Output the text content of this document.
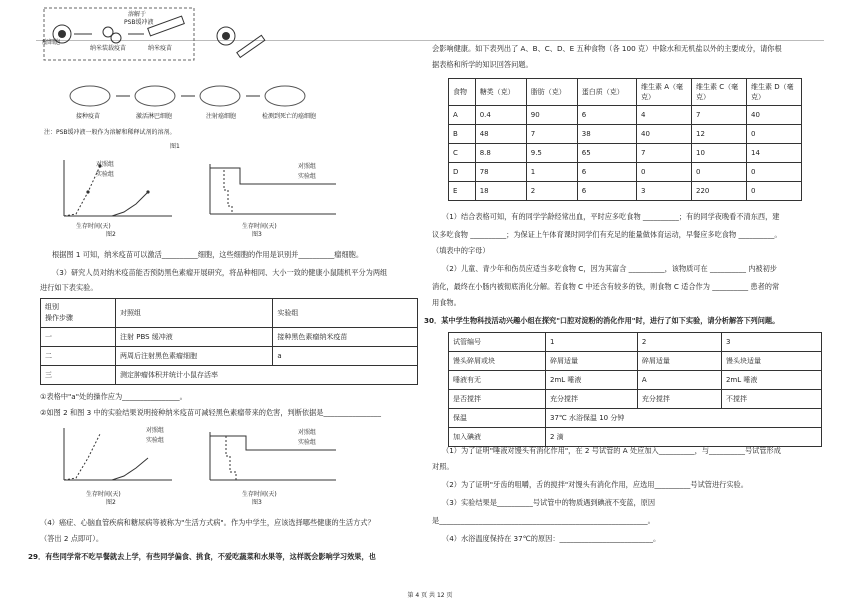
瘤细胞
纳米装载疫苗
溶解于
PSB缓冲液
纳米疫苗
接种疫苗	激活淋巴细胞	注射癌细胞	检测到死亡的癌细胞
注：PSB缓冲液一般作为溶解和稀释试剂的溶剂。
图1
对照组
实验组
生存时间(天)
图2
对照组
实验组
生存时间(天)
图3
根据图 1 可知，纳米疫苗可以激活__________细胞，这些细胞的作用是识别并__________瘤细胞。
（3）研究人员对纳米疫苗能否预防黑色素瘤开展研究，将品种相同、大小一致的健康小鼠随机平分为两组
进行如下表实验。
组别
操作步骤	对照组	实验组
一	注射 PBS 缓冲液	接种黑色素瘤纳米疫苗
二	两周后注射黑色素瘤细胞	a
三	测定肿瘤体积并统计小鼠存活率	
①表格中"a"处的操作应为________________。
②如图 2 和图 3 中的实验结果说明接种纳米疫苗可减轻黑色素瘤带来的危害，判断依据是________________
对照组
实验组
生存时间(天)
图2
对照组
实验组
生存时间(天)
图3
（4）癌症、心脑血管疾病和糖尿病等被称为"生活方式病"。作为中学生，应该选择哪些健康的生活方式？
（答出 2 点即可）。
29．有些同学常不吃早餐就去上学，有些同学偏食、挑食，不爱吃蔬菜和水果等，这样既会影响学习效果，也
会影响健康。如下表列出了 A、B、C、D、E 五种食物（各 100 克）中除水和无机盐以外的主要成分，请你根
据表格和所学的知识回答问题。
食物	糖类（克）	脂肪（克）	蛋白质（克）	维生素 A（毫克）	维生素 C（毫克）	维生素 D（毫克）
A	0.4	90	6	4	7	40
B	48	7	38	40	12	0
C	8.8	9.5	65	7	10	14
D	78	1	6	0	0	0
E	18	2	6	3	220	0
（1）结合表格可知，有的同学学龄经常出血，平时应多吃食物 __________；有的同学夜晚看不清东西，建
议多吃食物 __________；为保证上午体育课时同学们有充足的能量做体育运动，早餐应多吃食物 __________。
（填表中的字母）
（2）儿童、青少年和伤员应适当多吃食物 C，因为其富含 __________，该物质可在 __________ 内被初步
消化，最终在小肠内被彻底消化分解。若食物 C 中还含有较多的铁，则食物 C 适合作为 __________ 患者的常
用食物。
30．某中学生物科技活动兴趣小组在探究"口腔对淀粉的消化作用"时，进行了如下实验，请分析解答下列问题。
试管编号	1	2	3
馒头碎屑或块	碎屑适量	碎屑适量	馒头块适量
唾液有无	2mL 唾液	A	2mL 唾液
是否搅拌	充分搅拌	充分搅拌	不搅拌
保温	37℃ 水浴保温 10 分钟		
加入碘液	2 滴		
（1）为了证明"唾液对馒头有消化作用"，在 2 号试管的 A 处应加入__________，与__________号试管形成
对照。
（2）为了证明"牙齿的咀嚼，舌的搅拌"对馒头有消化作用，应选用__________号试管进行实验。
（3）实验结果是__________号试管中的物质遇到碘液不变蓝，原因
是__________________________________________________________。
（4）水浴温度保持在 37℃的原因：__________________________。
第 4 页 共 12 页
